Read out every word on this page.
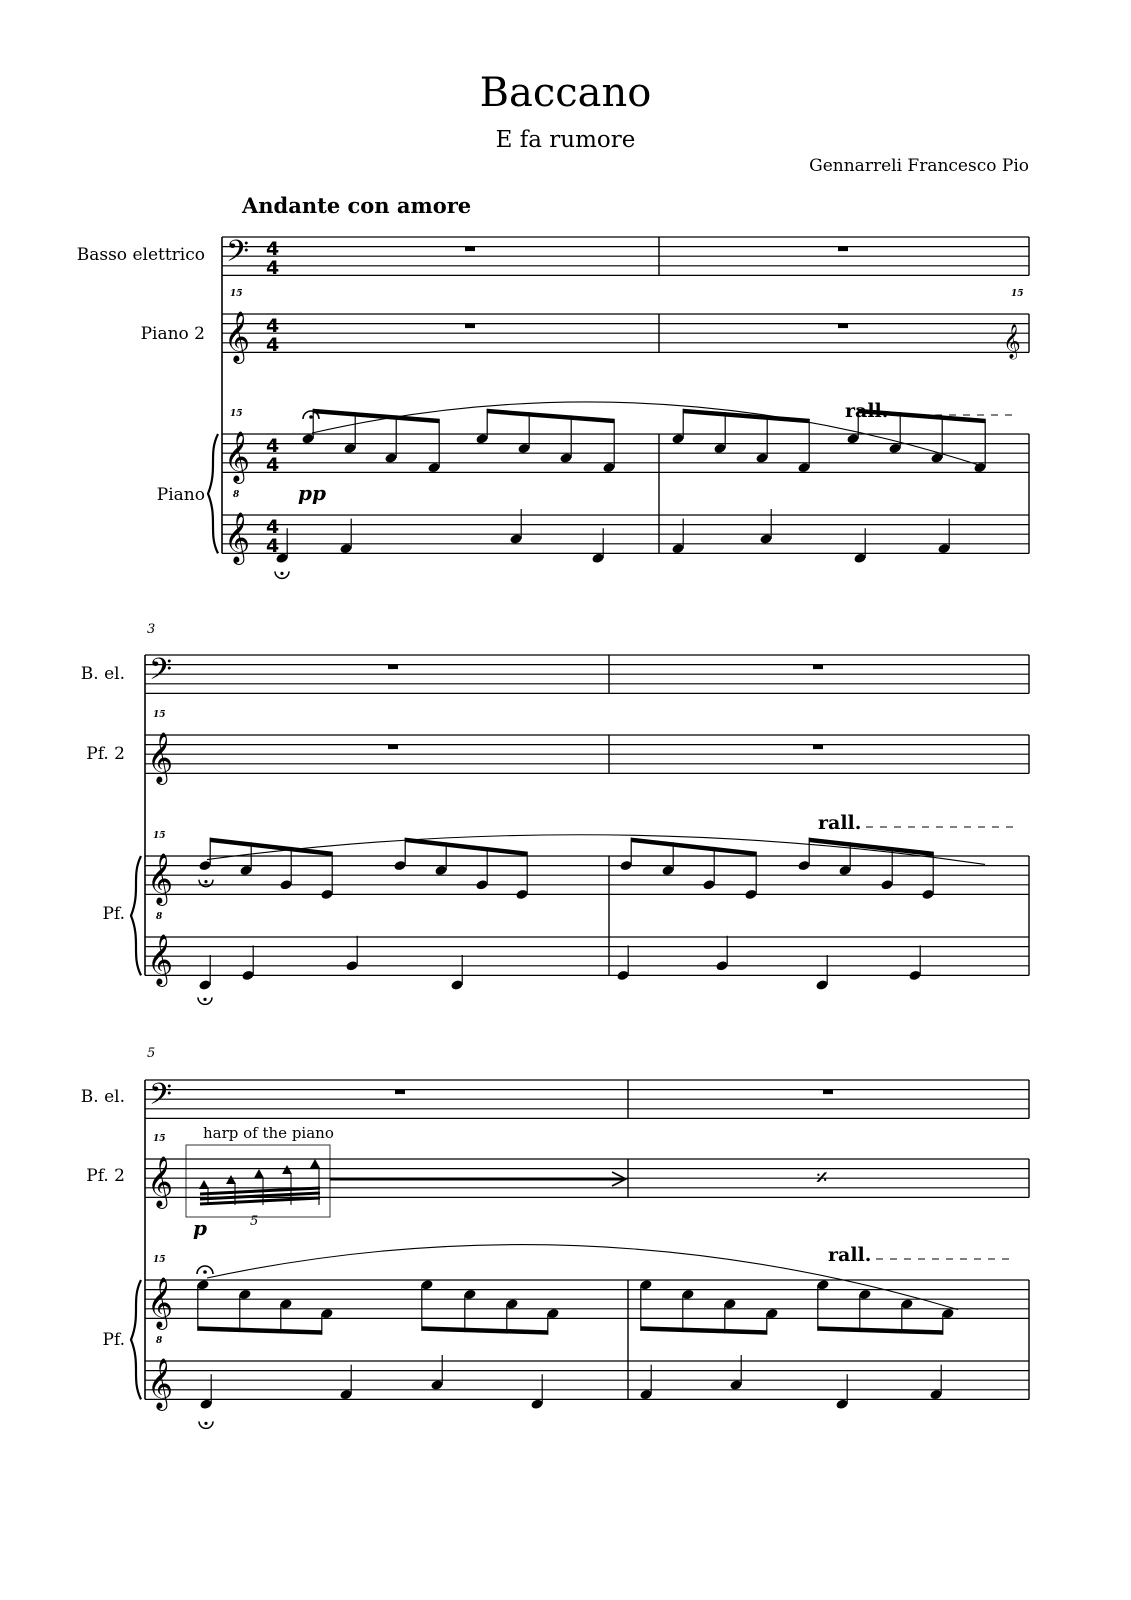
Baccano
E fa rumore
Gennarreli Francesco Pio
Andante con amore
Basso elettrico
Piano 2
Piano
B. el.
Pf. 2
Pf.
B. el.
Pf. 2
Pf.
3
5
𝄢
𝄞
𝄞
𝄞
15
15
8
4
4
4
4
4
4
4
4
𝄞
15
pp
rall.
𝄢
𝄞
𝄞
𝄞
15
15
8
rall.
𝄢
𝄞
𝄞
𝄞
15
15
8
harp of the piano
5
p
𝄎
rall.
